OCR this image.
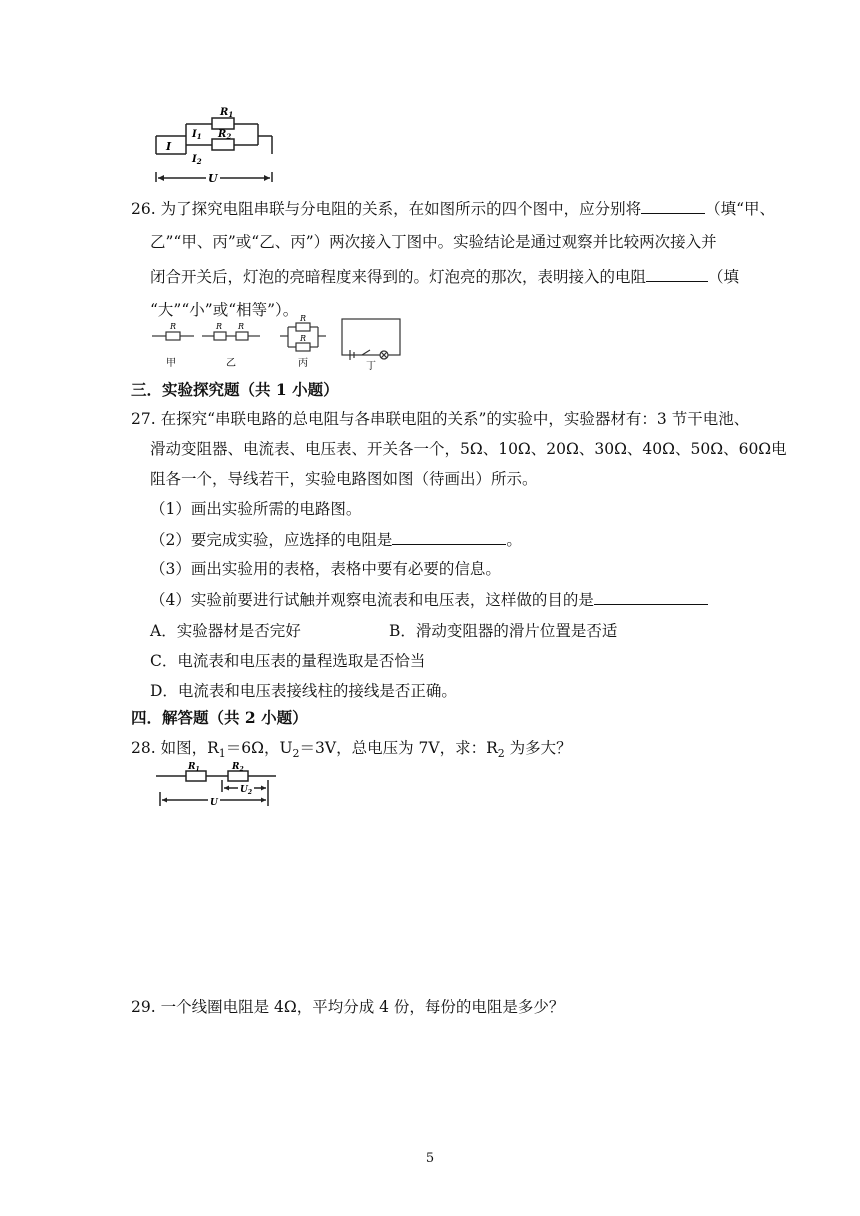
$R_1$
$R_2$
I
$I_1$
$I_2$
U
26. 为了探究电阻串联与分电阻的关系，在如图所示的四个图中，应分别将	（填“甲、
乙”“甲、丙”或“乙、丙”）两次接入丁图中。实验结论是通过观察并比较两次接入并
闭合开关后，灯泡的亮暗程度来得到的。灯泡亮的那次，表明接入的电阻	（填
“大”“小”或“相等”）。
R	R R
R
R
甲	乙	丙	丁
三．实验探究题（共 1 小题）
27. 在探究“串联电路的总电阻与各串联电阻的关系”的实验中，实验器材有：3 节干电池、
滑动变阻器、电流表、电压表、开关各一个，5Ω、10Ω、20Ω、30Ω、40Ω、50Ω、60Ω电
阻各一个，导线若干，实验电路图如图（待画出）所示。
（1）画出实验所需的电路图。
（2）要完成实验，应选择的电阻是	。
（3）画出实验用的表格，表格中要有必要的信息。
（4）实验前要进行试触并观察电流表和电压表，这样做的目的是
A．实验器材是否完好	B．滑动变阻器的滑片位置是否适
C．电流表和电压表的量程选取是否恰当
D．电流表和电压表接线柱的接线是否正确。
四．解答题（共 2 小题）
28. 如图，$R_1=6\Omega$，$U_2=3V$，总电压为 7V，求：$R_2$ 为多大？
$R_1$	$R_2$
$U_2$
U
29. 一个线圈电阻是 4Ω，平均分成 4 份，每份的电阻是多少？
5
